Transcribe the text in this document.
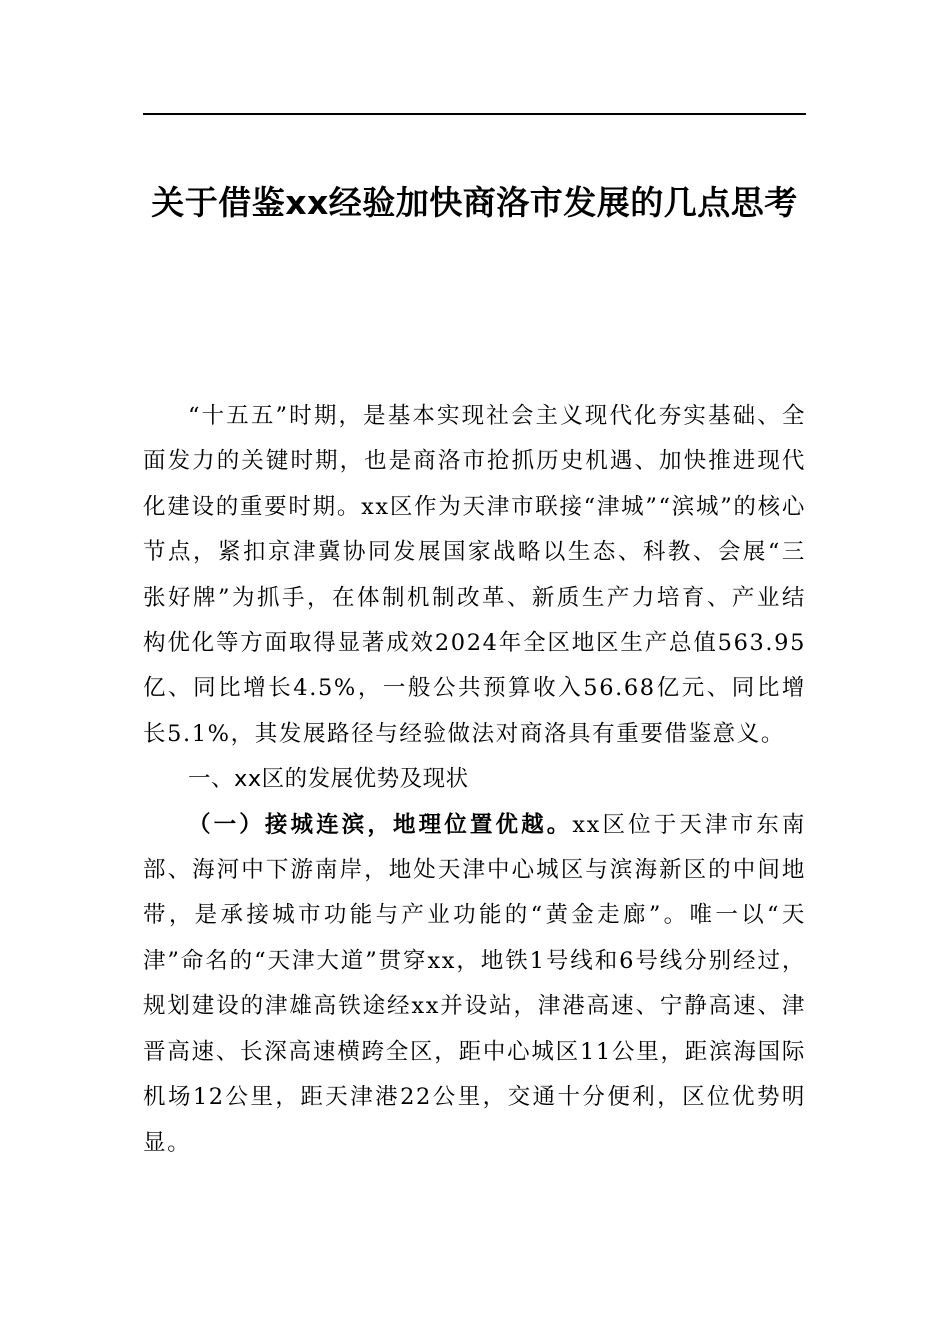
关于借鉴xx经验加快商洛市发展的几点思考

“十五五”时期，是基本实现社会主义现代化夯实基础、全面发力的关键时期，也是商洛市抢抓历史机遇、加快推进现代化建设的重要时期。xx区作为天津市联接“津城”“滨城”的核心节点，紧扣京津冀协同发展国家战略以生态、科教、会展“三张好牌”为抓手，在体制机制改革、新质生产力培育、产业结构优化等方面取得显著成效2024年全区地区生产总值563.95亿、同比增长4.5%，一般公共预算收入56.68亿元、同比增长5.1%，其发展路径与经验做法对商洛具有重要借鉴意义。

一、xx区的发展优势及现状

（一）接城连滨，地理位置优越。xx区位于天津市东南部、海河中下游南岸，地处天津中心城区与滨海新区的中间地带，是承接城市功能与产业功能的“黄金走廊”。唯一以“天津”命名的“天津大道”贯穿xx，地铁1号线和6号线分别经过，规划建设的津雄高铁途经xx并设站，津港高速、宁静高速、津晋高速、长深高速横跨全区，距中心城区11公里，距滨海国际机场12公里，距天津港22公里，交通十分便利，区位优势明显。
